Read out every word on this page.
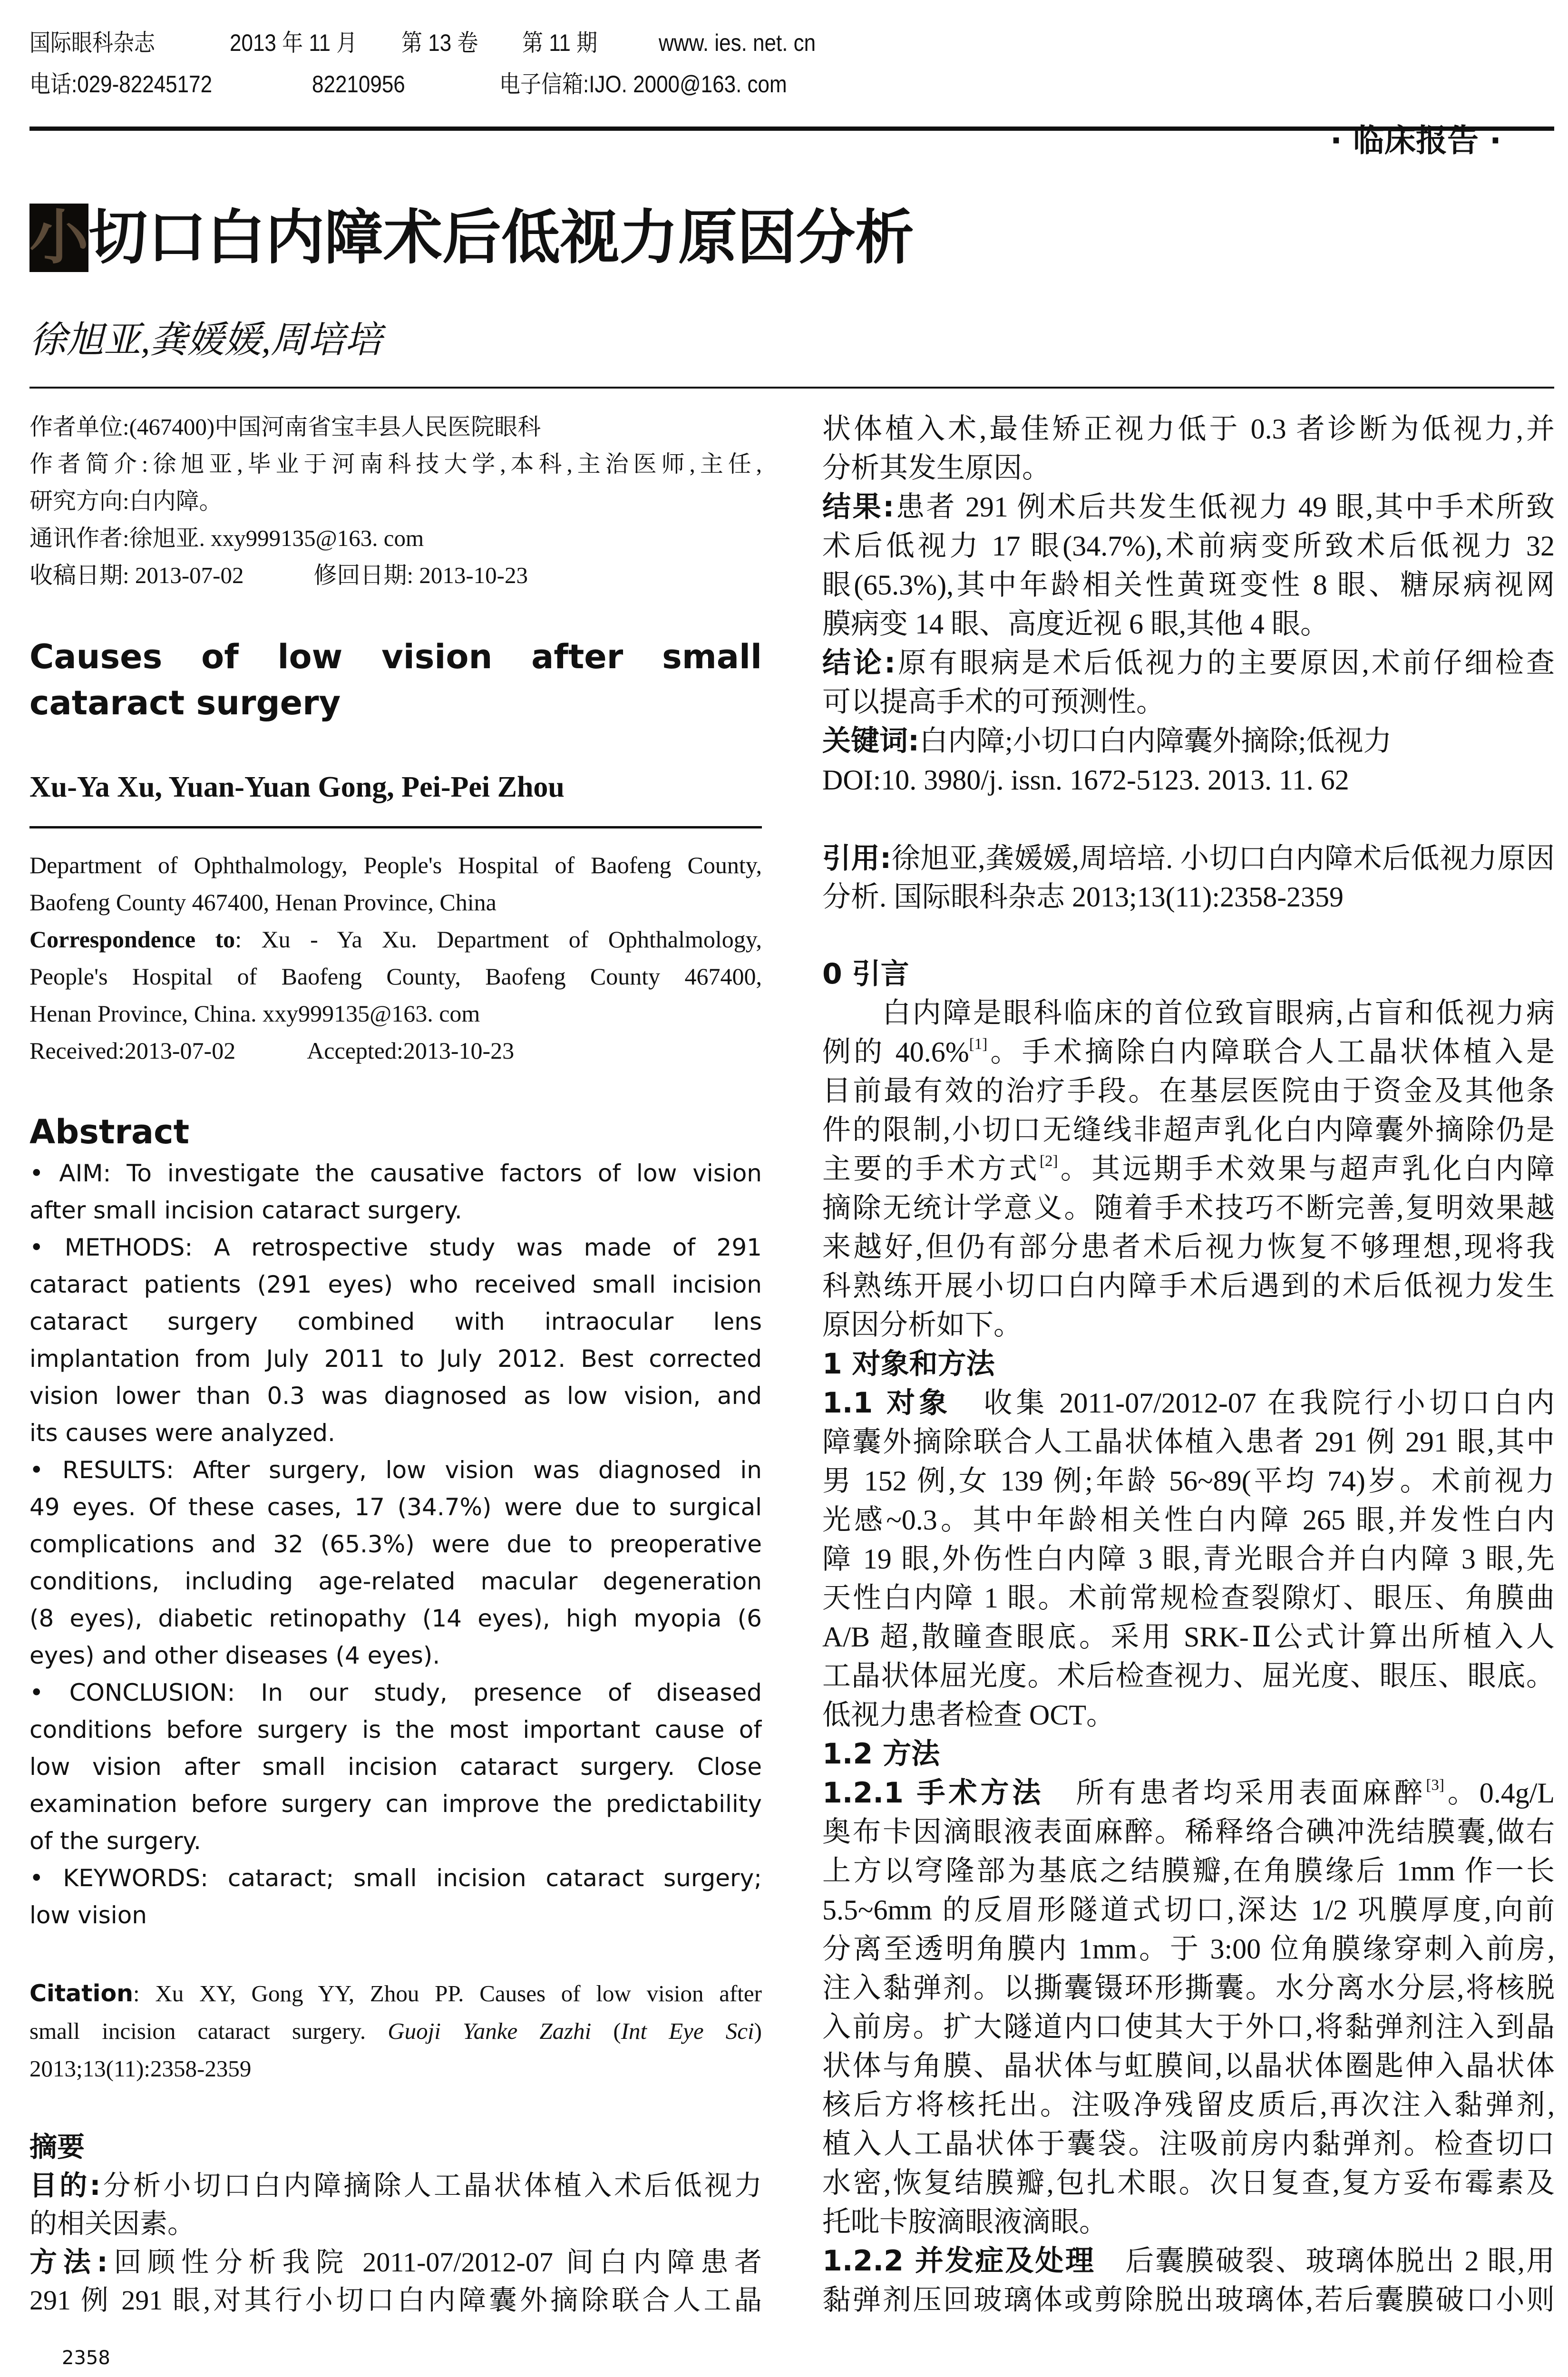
国际眼科杂志	2013 年 11 月 第 13 卷 第 11 期	www. ies. net. cn
电话:029-82245172	82210956	电子信箱:IJO. 2000@163. com
· 临床报告 ·
小切口白内障术后低视力原因分析
徐旭亚,龚媛媛,周培培
作者单位:(467400)中国河南省宝丰县人民医院眼科
作者简介:徐旭亚,毕业于河南科技大学,本科,主治医师,主任,
研究方向:白内障。
通讯作者:徐旭亚. xxy999135@163. com
收稿日期: 2013-07-02　　　修回日期: 2013-10-23
Causes of low vision after small
cataract surgery
Xu-Ya Xu, Yuan-Yuan Gong, Pei-Pei Zhou
Department of Ophthalmology, People's Hospital of Baofeng County,
Baofeng County 467400, Henan Province, China
Correspondence to: Xu - Ya Xu. Department of Ophthalmology,
People's Hospital of Baofeng County, Baofeng County 467400,
Henan Province, China. xxy999135@163. com
Received:2013-07-02　　　Accepted:2013-10-23
Abstract
• AIM: To investigate the causative factors of low vision
after small incision cataract surgery.
• METHODS: A retrospective study was made of 291
cataract patients (291 eyes) who received small incision
cataract surgery combined with intraocular lens
implantation from July 2011 to July 2012. Best corrected
vision lower than 0.3 was diagnosed as low vision, and
its causes were analyzed.
• RESULTS: After surgery, low vision was diagnosed in
49 eyes. Of these cases, 17 (34.7%) were due to surgical
complications and 32 (65.3%) were due to preoperative
conditions, including age-related macular degeneration
(8 eyes), diabetic retinopathy (14 eyes), high myopia (6
eyes) and other diseases (4 eyes).
• CONCLUSION: In our study, presence of diseased
conditions before surgery is the most important cause of
low vision after small incision cataract surgery. Close
examination before surgery can improve the predictability
of the surgery.
• KEYWORDS: cataract; small incision cataract surgery;
low vision
Citation: Xu XY, Gong YY, Zhou PP. Causes of low vision after
small incision cataract surgery. Guoji Yanke Zazhi (Int Eye Sci)
2013;13(11):2358-2359
摘要
目的:分析小切口白内障摘除人工晶状体植入术后低视力
的相关因素。
方法:回顾性分析我院 2011-07/2012-07 间白内障患者
291 例 291 眼,对其行小切口白内障囊外摘除联合人工晶
状体植入术,最佳矫正视力低于 0.3 者诊断为低视力,并
分析其发生原因。
结果:患者 291 例术后共发生低视力 49 眼,其中手术所致
术后低视力 17 眼(34.7%),术前病变所致术后低视力 32
眼(65.3%),其中年龄相关性黄斑变性 8 眼、糖尿病视网
膜病变 14 眼、高度近视 6 眼,其他 4 眼。
结论:原有眼病是术后低视力的主要原因,术前仔细检查
可以提高手术的可预测性。
关键词:白内障;小切口白内障囊外摘除;低视力
DOI:10. 3980/j. issn. 1672-5123. 2013. 11. 62
引用:徐旭亚,龚媛媛,周培培. 小切口白内障术后低视力原因
分析. 国际眼科杂志 2013;13(11):2358-2359
0 引言
白内障是眼科临床的首位致盲眼病,占盲和低视力病
例的 40.6%[1]。手术摘除白内障联合人工晶状体植入是
目前最有效的治疗手段。在基层医院由于资金及其他条
件的限制,小切口无缝线非超声乳化白内障囊外摘除仍是
主要的手术方式[2]。其远期手术效果与超声乳化白内障
摘除无统计学意义。随着手术技巧不断完善,复明效果越
来越好,但仍有部分患者术后视力恢复不够理想,现将我
科熟练开展小切口白内障手术后遇到的术后低视力发生
原因分析如下。
1 对象和方法
1.1 对象　收集 2011-07/2012-07 在我院行小切口白内
障囊外摘除联合人工晶状体植入患者 291 例 291 眼,其中
男 152 例,女 139 例;年龄 56~89(平均 74)岁。术前视力
光感~0.3。其中年龄相关性白内障 265 眼,并发性白内
障 19 眼,外伤性白内障 3 眼,青光眼合并白内障 3 眼,先
天性白内障 1 眼。术前常规检查裂隙灯、眼压、角膜曲
A/B 超,散瞳查眼底。采用 SRK-Ⅱ公式计算出所植入人
工晶状体屈光度。术后检查视力、屈光度、眼压、眼底。
低视力患者检查 OCT。
1.2 方法
1.2.1 手术方法　所有患者均采用表面麻醉[3]。0.4g/L
奥布卡因滴眼液表面麻醉。稀释络合碘冲洗结膜囊,做右
上方以穹隆部为基底之结膜瓣,在角膜缘后 1mm 作一长
5.5~6mm 的反眉形隧道式切口,深达 1/2 巩膜厚度,向前
分离至透明角膜内 1mm。于 3:00 位角膜缘穿刺入前房,
注入黏弹剂。以撕囊镊环形撕囊。水分离水分层,将核脱
入前房。扩大隧道内口使其大于外口,将黏弹剂注入到晶
状体与角膜、晶状体与虹膜间,以晶状体圈匙伸入晶状体
核后方将核托出。注吸净残留皮质后,再次注入黏弹剂,
植入人工晶状体于囊袋。注吸前房内黏弹剂。检查切口
水密,恢复结膜瓣,包扎术眼。次日复查,复方妥布霉素及
托吡卡胺滴眼液滴眼。
1.2.2 并发症及处理　后囊膜破裂、玻璃体脱出 2 眼,用
黏弹剂压回玻璃体或剪除脱出玻璃体,若后囊膜破口小则
2358
